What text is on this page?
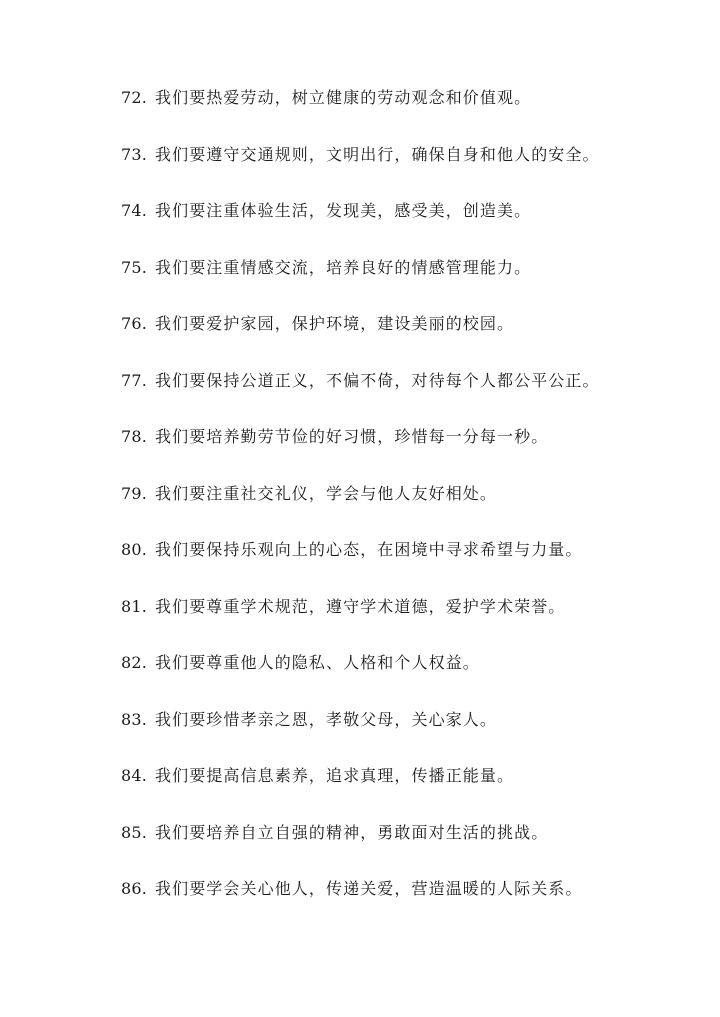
72. 我们要热爱劳动，树立健康的劳动观念和价值观。
73. 我们要遵守交通规则，文明出行，确保自身和他人的安全。
74. 我们要注重体验生活，发现美，感受美，创造美。
75. 我们要注重情感交流，培养良好的情感管理能力。
76. 我们要爱护家园，保护环境，建设美丽的校园。
77. 我们要保持公道正义，不偏不倚，对待每个人都公平公正。
78. 我们要培养勤劳节俭的好习惯，珍惜每一分每一秒。
79. 我们要注重社交礼仪，学会与他人友好相处。
80. 我们要保持乐观向上的心态，在困境中寻求希望与力量。
81. 我们要尊重学术规范，遵守学术道德，爱护学术荣誉。
82. 我们要尊重他人的隐私、人格和个人权益。
83. 我们要珍惜孝亲之恩，孝敬父母，关心家人。
84. 我们要提高信息素养，追求真理，传播正能量。
85. 我们要培养自立自强的精神，勇敢面对生活的挑战。
86. 我们要学会关心他人，传递关爱，营造温暖的人际关系。
